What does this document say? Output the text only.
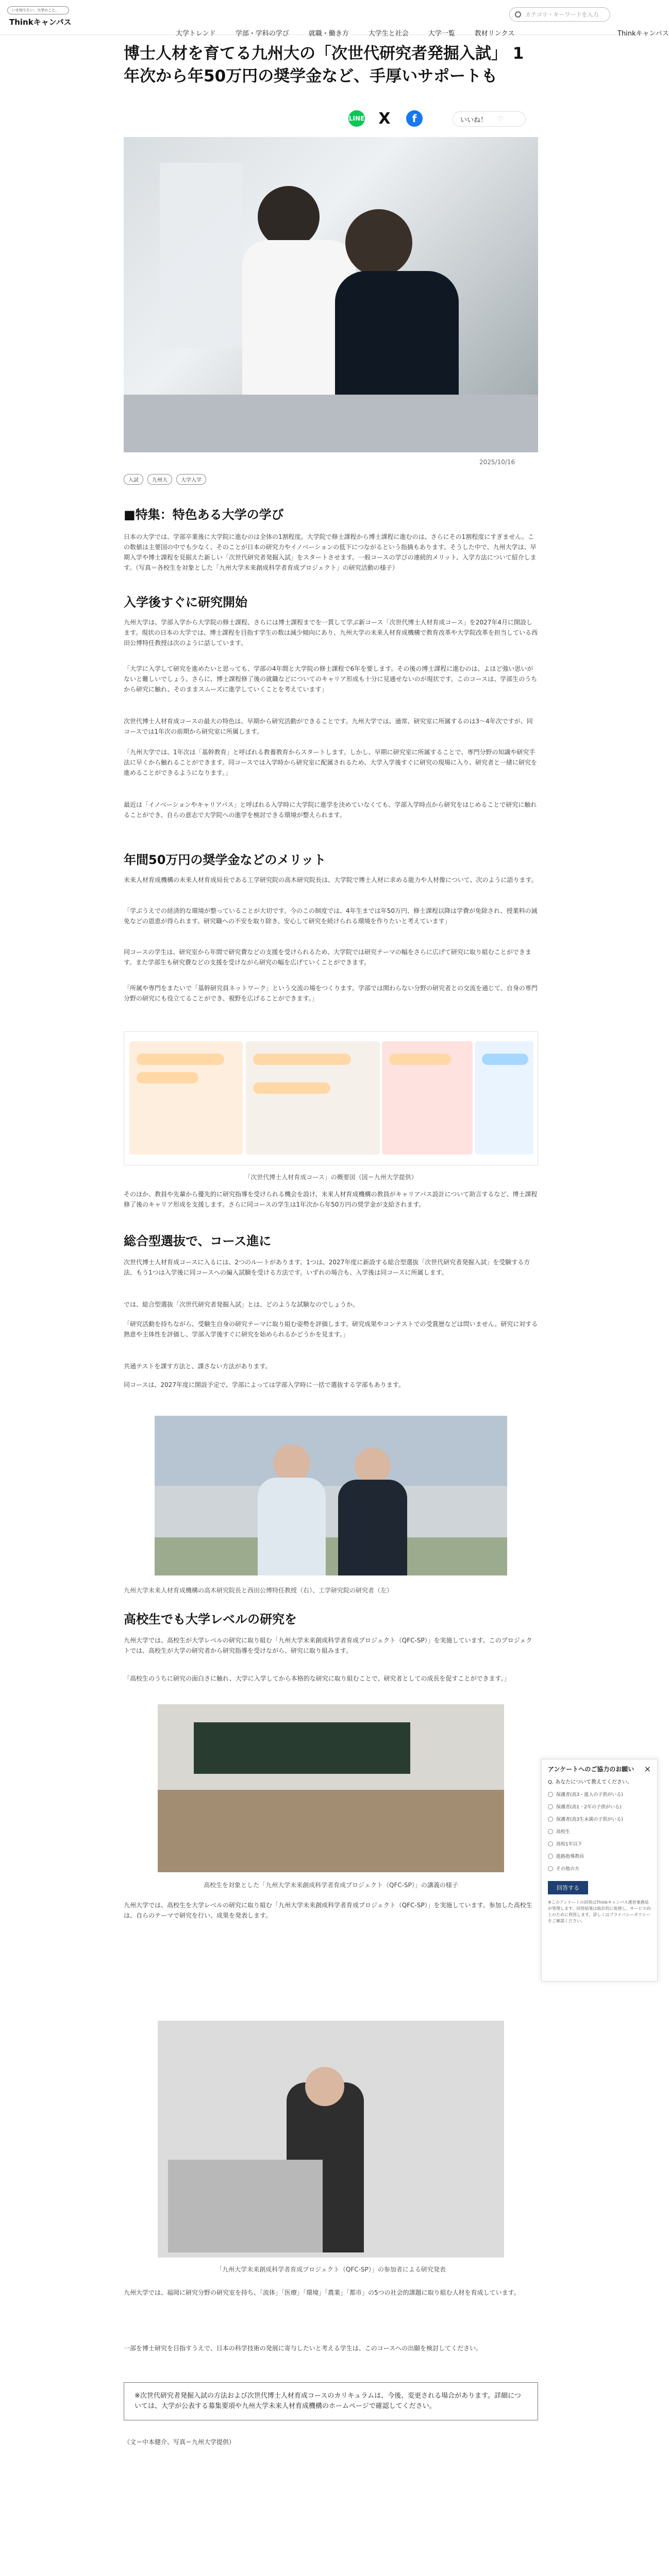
いま知りたい、大学のこと。
Thinkキャンパス
カテゴリ・キーワードを入力
大学トレンド	学部・学科の学び	就職・働き方	大学生と社会	大学一覧	教材リンクス	Thinkキャンパス
博士人材を育てる九州大の「次世代研究者発掘入試」 1年次から年50万円の奨学金など、手厚いサポートも
LINE X	f	いいね！ ♡
2025/10/16
入試	九州大	大学入学
■特集：特色ある大学の学び
日本の大学では、学部卒業後に大学院に進むのは全体の1割程度。大学院で修士課程から博士課程に進むのは、さらにその1割程度にすぎません。この数値は主要国の中でも少なく、そのことが日本の研究力やイノベーションの低下につながるという指摘もあります。そうした中で、九州大学は、早期入学や博士課程を見据えた新しい「次世代研究者発掘入試」をスタートさせます。一般コースの学びの連続的メリット、入学方法について紹介します。（写真＝各校生を対象とした「九州大学未来創成科学者育成プロジェクト」の研究活動の様子）
入学後すぐに研究開始
九州大学は、学部入学から大学院の修士課程、さらには博士課程までを一貫して学ぶ新コース「次世代博士人材育成コース」を2027年4月に開設します。現状の日本の大学では、博士課程を目指す学生の数は減少傾向にあり、九州大学の未来人材育成機構で教育改革や大学院改革を担当している西田公博特任教授は次のように話しています。
「大学に入学して研究を進めたいと思っても、学部の4年間と大学院の修士課程で6年を要します。その後の博士課程に進むのは、よほど強い思いがないと難しいでしょう。さらに、博士課程修了後の就職などについてのキャリア形成も十分に見通せないのが現状です。このコースは、学部生のうちから研究に触れ、そのままスムーズに進学していくことを考えています」
次世代博士人材育成コースの最大の特色は、早期から研究活動ができることです。九州大学では、通常、研究室に所属するのは3〜4年次ですが、同コースでは1年次の前期から研究室に所属します。
「九州大学では、1年次は「基幹教育」と呼ばれる教養教育からスタートします。しかし、早期に研究室に所属することで、専門分野の知識や研究手法に早くから触れることができます。同コースでは入学時から研究室に配属されるため、大学入学後すぐに研究の現場に入り、研究者と一緒に研究を進めることができるようになります。」
最近は「イノベーションやキャリアパス」と呼ばれる入学時に大学院に進学を決めていなくても、学部入学時点から研究をはじめることで研究に触れることができ、自らの意志で大学院への進学を検討できる環境が整えられます。
年間50万円の奨学金などのメリット
未来人材育成機構の未来人材育成局長である工学研究院の高木研究院長は、大学院で博士人材に求める能力や人材像について、次のように語ります。
「学ぶうえでの経済的な環境が整っていることが大切です。今のこの制度では、4年生までは年50万円、修士課程以降は学費が免除され、授業料の減免などの恩恵が得られます。研究職への不安を取り除き、安心して研究を続けられる環境を作りたいと考えています」
同コースの学生は、研究室から年間で研究費などの支援を受けられるため、大学院では研究テーマの幅をさらに広げて研究に取り組むことができます。また学部生も研究費などの支援を受けながら研究の幅を広げていくことができます。
「所属や専門をまたいで「基幹研究員ネットワーク」という交流の場をつくります。学部では関わらない分野の研究者との交流を通じて、自身の専門分野の研究にも役立てることができ、視野を広げることができます。」
「次世代博士人材育成コース」の概要図（図＝九州大学提供）
そのほか、教員や先輩から優先的に研究指導を受けられる機会を設け、未来人材育成機構の教員がキャリアパス設計について助言するなど、博士課程修了後のキャリア形成を支援します。さらに同コースの学生は1年次から年50万円の奨学金が支給されます。
総合型選抜で、コース進に
次世代博士人材育成コースに入るには、2つのルートがあります。1つは、2027年度に新設する総合型選抜「次世代研究者発掘入試」を受験する方法、もう1つは入学後に同コースへの編入試験を受ける方法です。いずれの場合も、入学後は同コースに所属します。
では、総合型選抜「次世代研究者発掘入試」とは、どのような試験なのでしょうか。
「研究活動を持ちながら、受験生自身の研究テーマに取り組む姿勢を評価します。研究成果やコンテストでの受賞歴などは問いません。研究に対する熱意や主体性を評価し、学部入学後すぐに研究を始められるかどうかを見ます。」
共通テストを課す方法と、課さない方法があります。
同コースは、2027年度に開設予定で、学部によっては学部入学時に一括で選抜する学部もあります。
九州大学未来人材育成機構の高木研究院長と西田公博特任教授（右）、工学研究院の研究者（左）
高校生でも大学レベルの研究を
九州大学では、高校生が大学レベルの研究に取り組む「九州大学未来創成科学者育成プロジェクト（QFC-SP）」を実施しています。このプロジェクトでは、高校生が大学の研究者から研究指導を受けながら、研究に取り組みます。
「高校生のうちに研究の面白さに触れ、大学に入学してから本格的な研究に取り組むことで、研究者としての成長を促すことができます。」
高校生を対象とした「九州大学未来創成科学者育成プロジェクト（QFC-SP）」の講義の様子
九州大学では、高校生を大学レベルの研究に取り組む「九州大学未来創成科学者育成プロジェクト（QFC-SP）」を実施しています。参加した高校生は、自らのテーマで研究を行い、成果を発表します。
「九州大学未来創成科学者育成プロジェクト（QFC-SP）」の参加者による研究発表
九州大学では、福岡に研究分野の研究室を持ち、「流体」「医療」「環境」「農業」「都市」の5つの社会的課題に取り組む人材を育成しています。
一部を博士研究を目指すうえで、日本の科学技術の発展に寄与したいと考える学生は、このコースへの出願を検討してください。
※次世代研究者発掘入試の方法および次世代博士人材育成コースのカリキュラムは、今後、変更される場合があります。詳細については、大学が公表する募集要項や九州大学未来人材育成機構のホームページで確認してください。
（文＝中本健介、写真＝九州大学提供）
アンケートへのご協力のお願い ×
Q. あなたについて教えてください。
保護者(高3・進入の子供がいる)
保護者(高1・2年の子供がいる)
保護者(高3生未満の子供がいる)
高校生
高校1年以下
進路指導教員
その他の方
回答する
※このアンケートの回答はThinkキャンパス運営事務局が管理します。回答結果は統計的に処理し、サービス向上のために利用します。詳しくはプライバシーポリシーをご確認ください。
